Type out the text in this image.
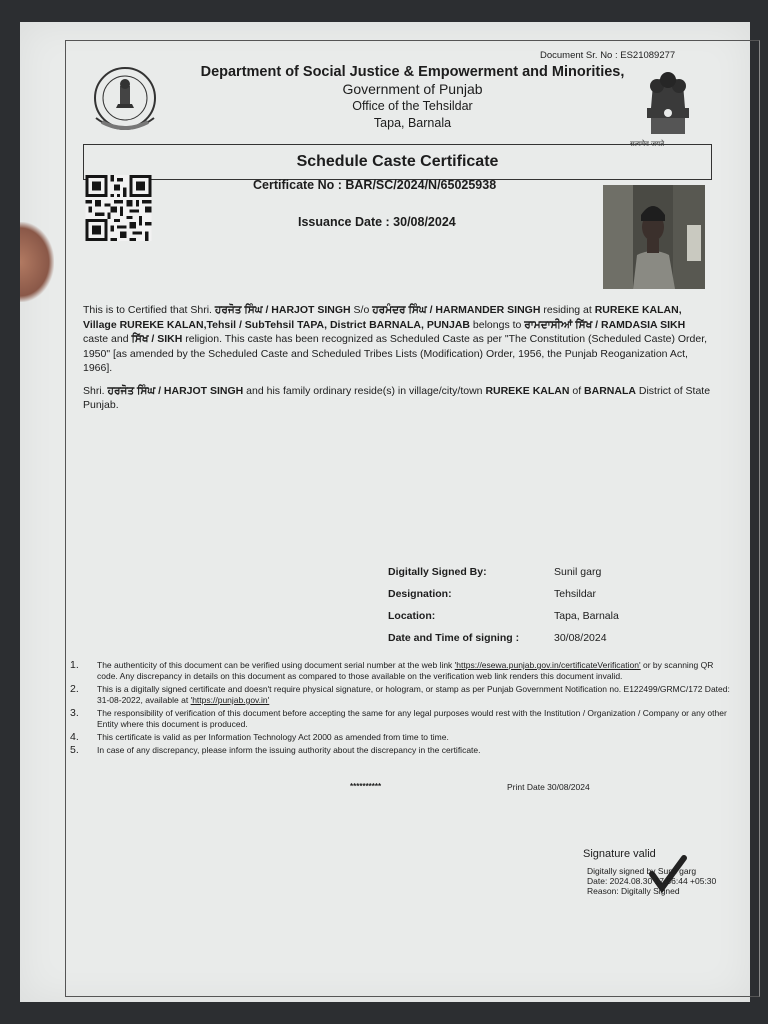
Document Sr. No : ES21089277
Department of Social Justice & Empowerment and Minorities,
Government of Punjab
Office of the Tehsildar
Tapa, Barnala
सत्यमेव जयते
Schedule Caste Certificate
Certificate No : BAR/SC/2024/N/65025938
Issuance Date : 30/08/2024

This is to Certified that Shri. ਹਰਜੋਤ ਸਿੰਘ / HARJOT SINGH S/o ਹਰਮੰਦਰ ਸਿੰਘ / HARMANDER SINGH residing at RUREKE KALAN, Village RUREKE KALAN,Tehsil / SubTehsil TAPA, District BARNALA, PUNJAB belongs to ਰਾਮਦਾਸੀਆਂ ਸਿੱਖ / RAMDASIA SIKH caste and ਸਿੱਖ / SIKH religion. This caste has been recognized as Scheduled Caste as per "The Constitution (Scheduled Caste) Order, 1950" [as amended by the Scheduled Caste and Scheduled Tribes Lists (Modification) Order, 1956, the Punjab Reoganization Act, 1966].

Shri. ਹਰਜੋਤ ਸਿੰਘ / HARJOT SINGH and his family ordinary reside(s) in village/city/town RUREKE KALAN of BARNALA District of State Punjab.

Digitally Signed By:	Sunil garg
Designation:	Tehsildar
Location:	Tapa, Barnala
Date and Time of signing :	30/08/2024
1.	The authenticity of this document can be verified using document serial number at the web link 'https://esewa.punjab.gov.in/certificateVerification' or by scanning QR code. Any discrepancy in details on this document as compared to those available on the verification web link renders this document invalid.
2.	This is a digitally signed certificate and doesn't require physical signature, or hologram, or stamp as per Punjab Government Notification no. E122499/GRMC/172 Dated: 31-08-2022, available at 'https://punjab.gov.in'
3.	The responsibility of verification of this document before accepting the same for any legal purposes would rest with the Institution / Organization / Company or any other Entity where this document is produced.
4.	This certificate is valid as per Information Technology Act 2000 as amended from time to time.
5.	In case of any discrepancy, please inform the issuing authority about the discrepancy in the certificate.
**********	Print Date 30/08/2024
Signature valid
Digitally signed by Sunil garg
Date: 2024.08.30 17:56:44 +05:30
Reason: Digitally Signed
